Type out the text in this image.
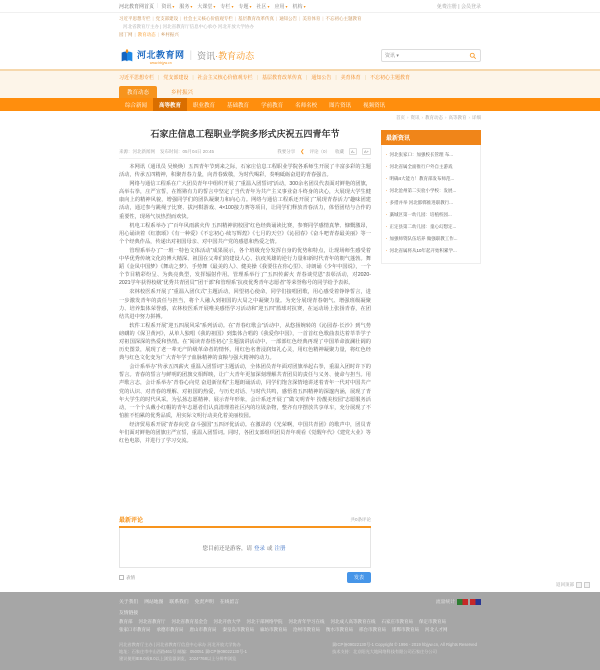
河北教育网首页 | 资讯▾ 服务▾ 大课堂▾ 专栏▾ 专题▾ 社区▾ 应用▾ 机构▾	免费注册 | 会员登录
习近平思想专栏 |	党支部建设 |	社会主义核心价值观专栏 |	基层教育改革传真 |	通知公告 |	美育体育 |	不忘初心主题教育
河北省教育厅主办 | 河北省教育厅信息中心承办 河北开放大学协办
园丁网 |	教育动态 |	乡村振兴
河北教育网
www.hbjyw.cn
| 资讯·教育动态	资讯 ▾
习近平思想专栏 |	党支部建设 |	社会主义核心价值观专栏 |	基层教育改革传真 |	通知公告 |	美育体育 |	不忘初心主题教育
教育动态	乡村振兴
综合新闻	高等教育	职业教育	基础教育	学前教育	名师名校	图片资讯	视频资讯
首页 ›	资讯 ›	教育动态 ›	高等教育 ›	详细
石家庄信息工程职业学院多形式庆祝五四青年节
来源：河北新闻网 发布时间：05月04日 20:45	我要分享 ❮ 评论（0） 收藏	A-	A+

本网讯（通讯员 吴焕焕）五四青年节到来之际，石家庄信息工程职业学院各系师生开展了丰富多彩的主题活动，传承五四精神，积聚青春力量，向青春致敬，为时代喝彩，奏响砥砺奋进的青春强音。

网络与通信工程系在广大团员青年中组织开展了“重温入团誓词”活动，300余名团员代表面对鲜艳的团旗，高举右拳，庄严宣誓，在铿锵有力的誓言中坚定了当代青年为共产主义事业奋斗终身的决心，大展现大学生健康向上的精神风貌，增强同学们的团队凝聚力和向心力。网络与通信工程系还开展了“展现青春活力”趣味团建活动，通过参与跳绳子比赛、拔河棋游戏、4×100接力赛等项目，让同学们释放青春活力，体悟团结与合作的重要性，现场气氛热烈而欢快。

机电工程系举办了“百年风雨薪火传 五四精神润校园”红色经典诵读比赛，参赛同学感情真挚、慷慨激昂，用心诵读着《红旗颂》《有一种爱》《不忘初心·续写辉煌》《七月的天空》《沁园春》《奋斗吧青春最美丽》等一个个经典作品，传递出对祖国母亲、对中国共产党的感恩和热爱之情。

管理系举办了“一班一特色文体活动”成果展示，各个班级充分发挥自身的优势和特点，让现场师生感受着中华优秀传统文化的博大精深、祖国在父辈们的建设人心、抗疫英雄的逆行力量和新时代青年的朝气蓬勃。舞蹈《金凤中国梦》《舞动之梦》、手势舞《最美的人》、健美操《我要住在你心里》、诗朗诵《少年中国说》，一个个节目精彩纷呈、为典亮典型，发挥辐射作用。管理系举行了“五四传薪火 青春谈党恩”表彰活动，对2020-2021学年获得校级“优秀共青团员”“团干部”和管理系“抗疫优秀青年志愿者”等荣誉称号的同学给予表彰。

农林校医系开展了“重温入团仪式”主题活动，回望初心使命，同学们接唱团歌，用心感受着铮铮誓言，进一步激发青年的责任与担当，将个人融入到祖国的大局之中凝聚力量。为充分展现青春朝气、增强班级凝聚力、培养集体荣誉感，农林校医系开展唯美感悟学习活动和“迎五四”篮球对抗赛，在运动场上张扬青春，在团结共进中努力拼搏。

软件工程系开展“迎五四展风采”系列活动。在“青春红歌会”活动中，从悠扬婉转的《沁园春·长沙》到气势磅礴的《保卫黄河》，从单人独唱《我的祖国》到集体合唱的《我爱你中国》，一首首红色歌曲表达着莘莘学子对祖国深深的热爱和热情。在“阅读青春悟初心”主题演讲活动中，一部部红色经典再现了中国革命波澜壮阔的历史图景，展现了老一辈无产阶级革命者的情怀，用红色名著浸润知礼心灵，用红色精神凝聚力量，将红色经典与红色文化变为广大青年学子血脉精神的食粮与强大精神的动力。

会计系举办“传承五四薪火 重温入团誓词”主题活动，全体团员青年面对团旗举起右拳，重温入团时许下的誓言。青春的誓言与鲜明的团旗交相辉映，让广大青年更加深刻理解共青团员的责任与义务、使命与担当。用声歌言志，会计系举办“青春心向党 奋进新征程”主题朗诵活动，同学们饱含深情地讲述着青年一代对中国共产党的认识、对青春的理解、对祖国的热爱，与历史对话、与时代共鸣，感悟着五四精神的深邃内涵，展现了青年大学生的时代风采。为弘扬志愿精神、展示青年形象，会计系还开展了“做文明青年 扮靓美校园”志愿服务活动，一个个头戴小红帽的青年志愿者们认真清理着社区内的垃圾杂物，整齐有序摆放共享单车，充分展现了不怕脏不怕累的优秀品质，用实际文明行动美化着美丽校园。

经济贸易系开展“青春向党 奋斗强国”五四评优活动。在激昂的《光荣啊，中国共青团》的歌声中，团员青年们面对鲜艳的团旗庄严宣誓，重温入团誓词。同时，各团支部组织团员青年观看《觉醒年代》《建党大业》等红色电影，并进行了学习交流。

最新评论	共0条评论
您目前还是游客，请 登录 或 注册
表情	发表
最新资讯
· 河北张家口：加强校长管理 布...
· 河北省属全面推行户外自主游戏
· 明确4大能力！教育部发布师范...
· 河北沧州第二实验小学校：发展...
· 多措并举 河北邯郸推进职教行...
· 藁城区第一幼儿园：培植校园...
· 正定县第二幼儿园：童心幻想定...
· 加强师资队伍培养 做强职教工作...
· 河北省属将从10年起开始积累学...
返回顶部
关于我们 网站地图 联系我们 免责声明 在线留言	流量统计
友情链接
教育部 河北省教育厅 河北省教育基金会 河北开放大学 河北干部网络学院 河北青年学习在线 河北成人高等教育在线 石家庄市教育局 保定市教育局
张家口市教育局 承德市教育局 唐山市教育局 秦皇岛市教育局 廊坊市教育局 沧州市教育局 衡水市教育局 邢台市教育局 邯郸市教育局 河北人才网
河北省教育厅主办 | 河北省教育厅信息中心承办 河北开放大学协办
地址：石家庄市中山西路461号 邮编：050051 冀ICP备09022130号-1
建议使用IE8.0或8.0以上浏览器浏览，1024*768以上分辨率浏览
冀ICP备09022130号-1 Copyright © 1996 - 2019 hbjyw.cn, All Rights Reserved
技术支持：北京阳光大地网络科技有限公司石家庄分公司
